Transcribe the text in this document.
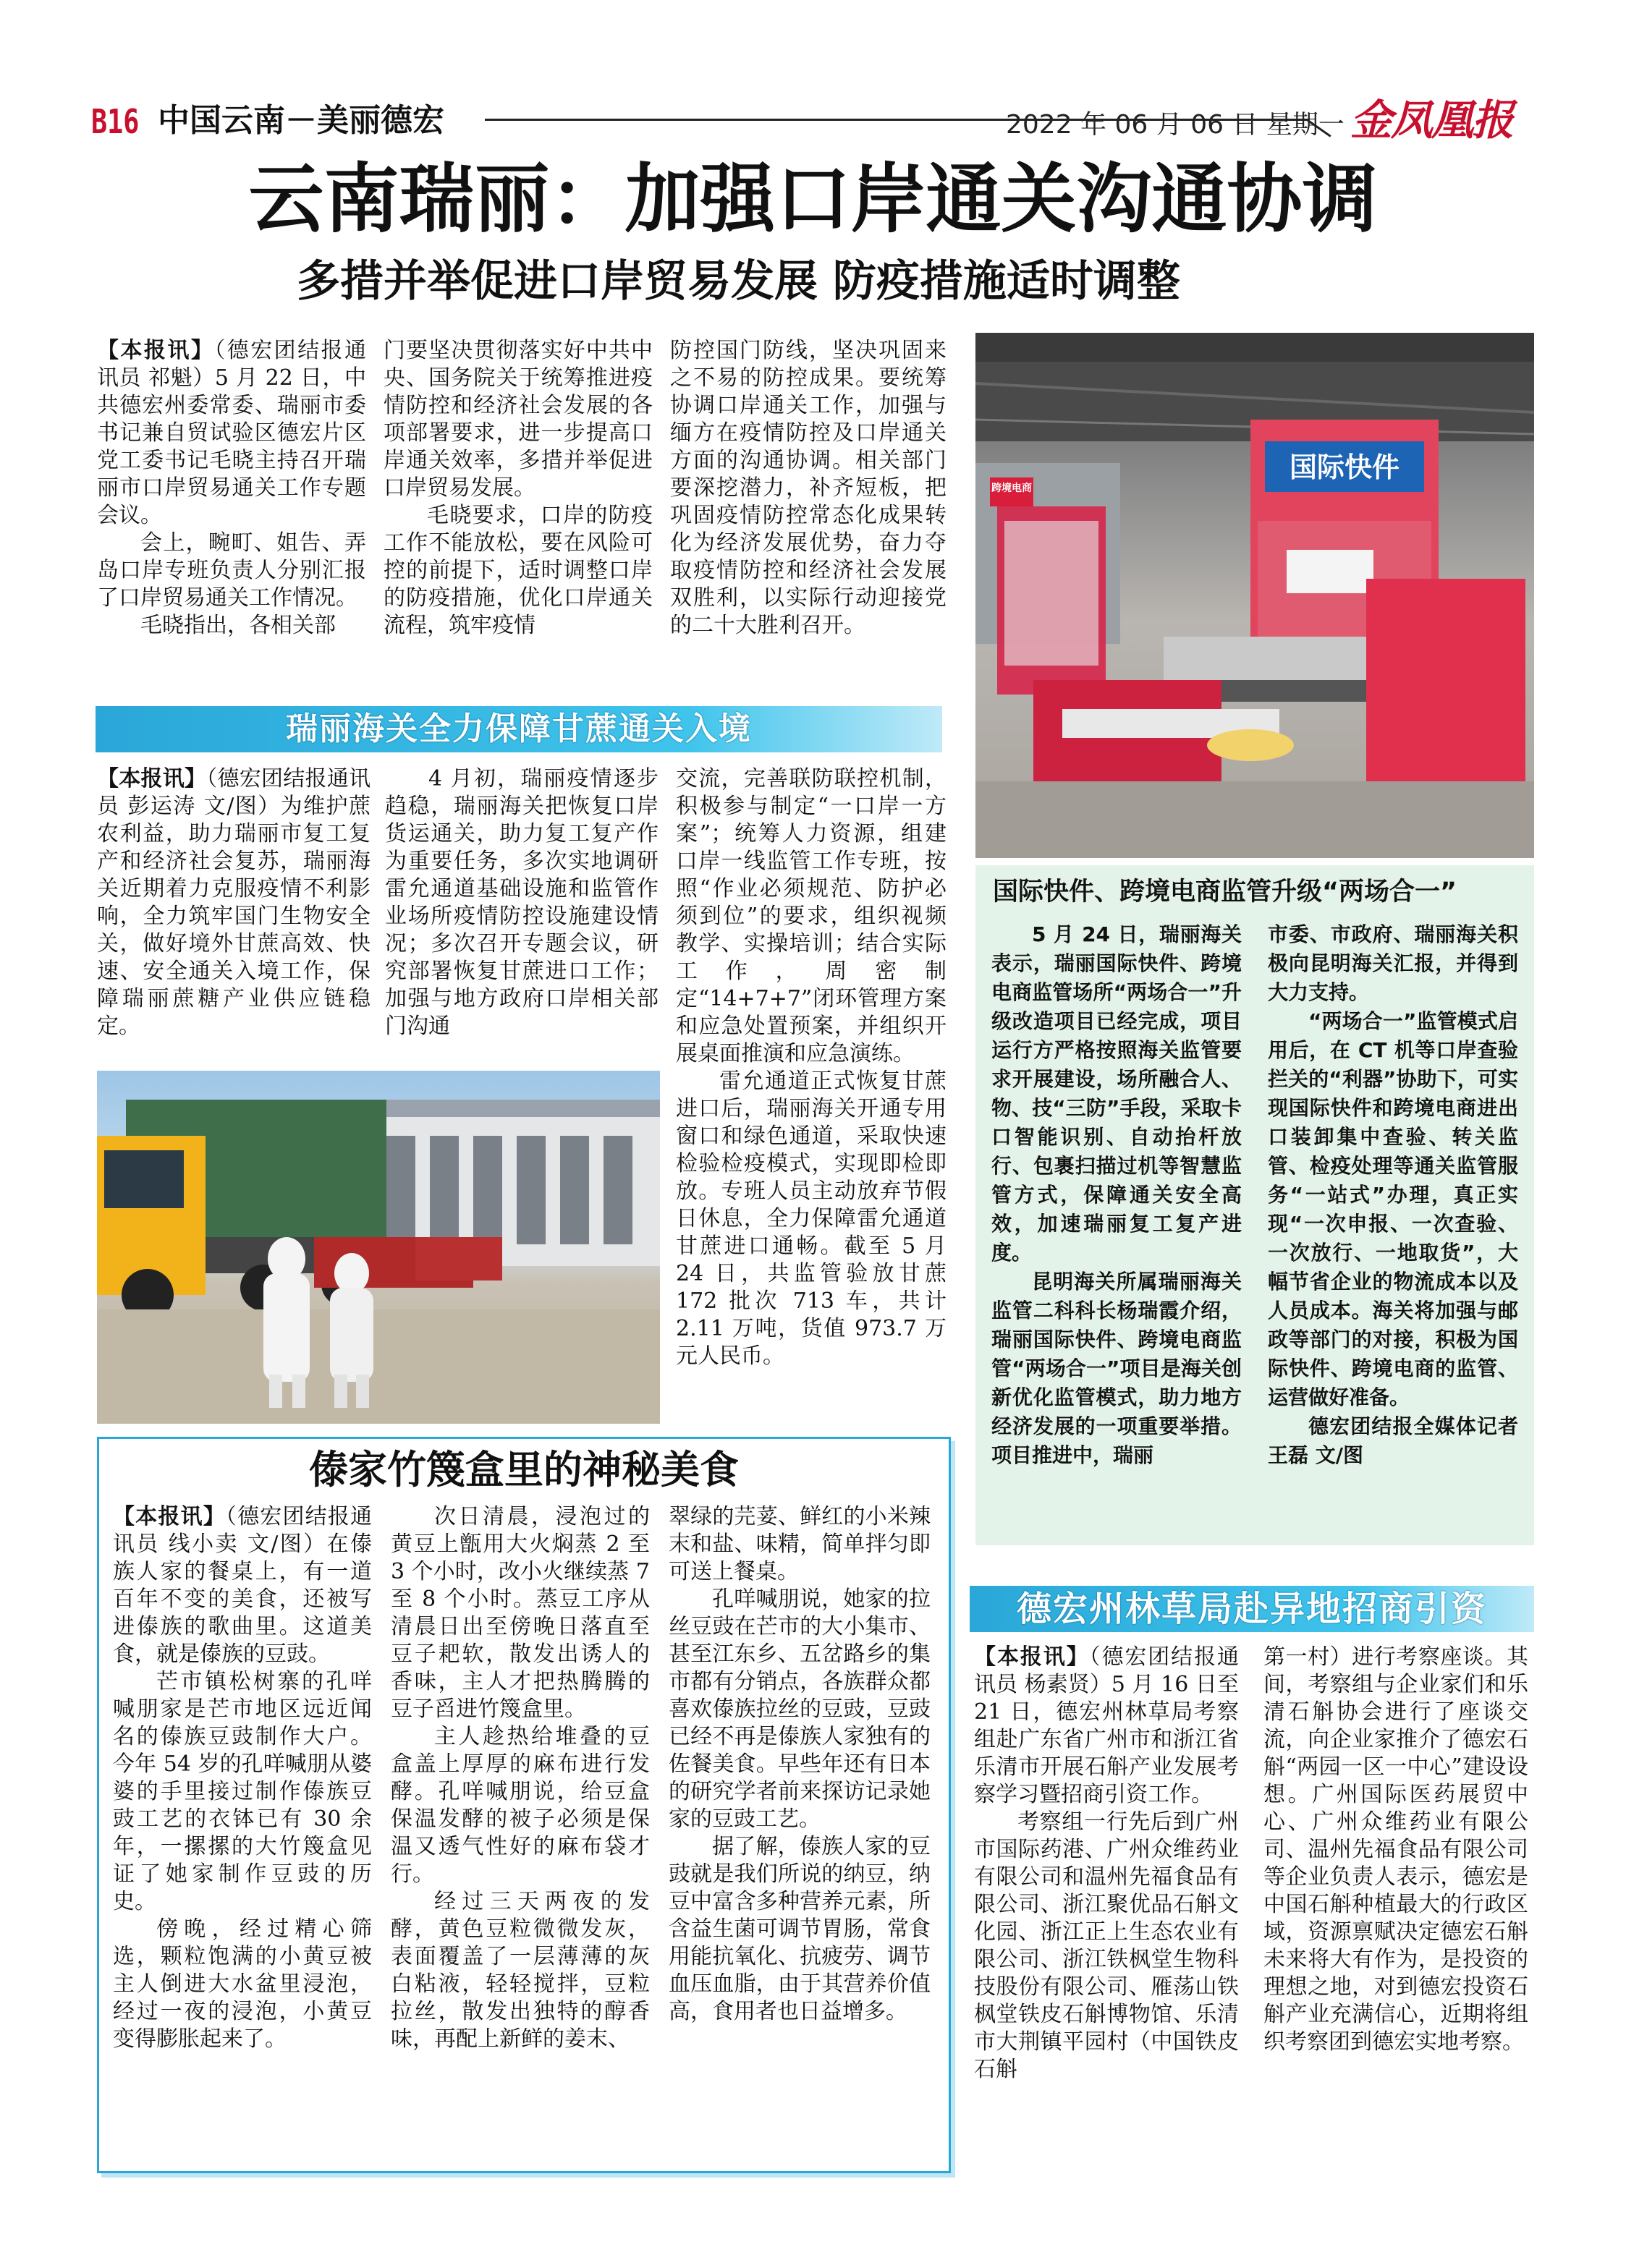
B16 中国云南－美丽德宏	2022 年 06 月 06 日 星期一 金凤凰报
云南瑞丽：加强口岸通关沟通协调
多措并举促进口岸贸易发展 防疫措施适时调整

【本报讯】（德宏团结报通讯员 祁魁）5 月 22 日，中共德宏州委常委、瑞丽市委书记兼自贸试验区德宏片区党工委书记毛晓主持召开瑞丽市口岸贸易通关工作专题会议。

会上，畹町、姐告、弄岛口岸专班负责人分别汇报了口岸贸易通关工作情况。

毛晓指出，各相关部

门要坚决贯彻落实好中共中央、国务院关于统筹推进疫情防控和经济社会发展的各项部署要求，进一步提高口岸通关效率，多措并举促进口岸贸易发展。

毛晓要求，口岸的防疫工作不能放松，要在风险可控的前提下，适时调整口岸的防疫措施，优化口岸通关流程，筑牢疫情

防控国门防线，坚决巩固来之不易的防控成果。要统筹协调口岸通关工作，加强与缅方在疫情防控及口岸通关方面的沟通协调。相关部门要深挖潜力，补齐短板，把巩固疫情防控常态化成果转化为经济发展优势，奋力夺取疫情防控和经济社会发展双胜利，以实际行动迎接党的二十大胜利召开。

国际快件
跨境电商
瑞丽海关全力保障甘蔗通关入境

【本报讯】（德宏团结报通讯员 彭运涛 文/图）为维护蔗农利益，助力瑞丽市复工复产和经济社会复苏，瑞丽海关近期着力克服疫情不利影响，全力筑牢国门生物安全关，做好境外甘蔗高效、快速、安全通关入境工作，保障瑞丽蔗糖产业供应链稳定。

4 月初，瑞丽疫情逐步趋稳，瑞丽海关把恢复口岸货运通关，助力复工复产作为重要任务，多次实地调研雷允通道基础设施和监管作业场所疫情防控设施建设情况；多次召开专题会议，研究部署恢复甘蔗进口工作；加强与地方政府口岸相关部门沟通

交流，完善联防联控机制，积极参与制定“一口岸一方案”；统筹人力资源，组建口岸一线监管工作专班，按照“作业必须规范、防护必须到位”的要求，组织视频教学、实操培训；结合实际工作，周密制定“14+7+7”闭环管理方案和应急处置预案，并组织开展桌面推演和应急演练。

雷允通道正式恢复甘蔗进口后，瑞丽海关开通专用窗口和绿色通道，采取快速检验检疫模式，实现即检即放。专班人员主动放弃节假日休息，全力保障雷允通道甘蔗进口通畅。截至 5 月 24 日，共监管验放甘蔗 172 批次 713 车，共计 2.11 万吨，货值 973.7 万元人民币。

国际快件、跨境电商监管升级“两场合一”

5 月 24 日，瑞丽海关表示，瑞丽国际快件、跨境电商监管场所“两场合一”升级改造项目已经完成，项目运行方严格按照海关监管要求开展建设，场所融合人、物、技“三防”手段，采取卡口智能识别、自动抬杆放行、包裹扫描过机等智慧监管方式，保障通关安全高效，加速瑞丽复工复产进度。

昆明海关所属瑞丽海关监管二科科长杨瑞霞介绍，瑞丽国际快件、跨境电商监管“两场合一”项目是海关创新优化监管模式，助力地方经济发展的一项重要举措。项目推进中，瑞丽

市委、市政府、瑞丽海关积极向昆明海关汇报，并得到大力支持。

“两场合一”监管模式启用后，在 CT 机等口岸查验拦关的“利器”协助下，可实现国际快件和跨境电商进出口装卸集中查验、转关监管、检疫处理等通关监管服务“一站式”办理，真正实现“一次申报、一次查验、一次放行、一地取货”，大幅节省企业的物流成本以及人员成本。海关将加强与邮政等部门的对接，积极为国际快件、跨境电商的监管、运营做好准备。

德宏团结报全媒体记者 王磊 文/图

傣家竹篾盒里的神秘美食

【本报讯】（德宏团结报通讯员 线小卖 文/图）在傣族人家的餐桌上，有一道百年不变的美食，还被写进傣族的歌曲里。这道美食，就是傣族的豆豉。

芒市镇松树寨的孔咩喊朋家是芒市地区远近闻名的傣族豆豉制作大户。今年 54 岁的孔咩喊朋从婆婆的手里接过制作傣族豆豉工艺的衣钵已有 30 余年，一摞摞的大竹篾盒见证了她家制作豆豉的历史。

傍晚，经过精心筛选，颗粒饱满的小黄豆被主人倒进大水盆里浸泡，经过一夜的浸泡，小黄豆变得膨胀起来了。

次日清晨，浸泡过的黄豆上甑用大火焖蒸 2 至 3 个小时，改小火继续蒸 7 至 8 个小时。蒸豆工序从清晨日出至傍晚日落直至豆子耙软，散发出诱人的香味，主人才把热腾腾的豆子舀进竹篾盒里。

主人趁热给堆叠的豆盒盖上厚厚的麻布进行发酵。孔咩喊朋说，给豆盒保温发酵的被子必须是保温又透气性好的麻布袋才行。

经过三天两夜的发酵，黄色豆粒微微发灰，表面覆盖了一层薄薄的灰白粘液，轻轻搅拌，豆粒拉丝，散发出独特的醇香味，再配上新鲜的姜末、

翠绿的芫荽、鲜红的小米辣末和盐、味精，简单拌匀即可送上餐桌。

孔咩喊朋说，她家的拉丝豆豉在芒市的大小集市、甚至江东乡、五岔路乡的集市都有分销点，各族群众都喜欢傣族拉丝的豆豉，豆豉已经不再是傣族人家独有的佐餐美食。早些年还有日本的研究学者前来探访记录她家的豆豉工艺。

据了解，傣族人家的豆豉就是我们所说的纳豆，纳豆中富含多种营养元素，所含益生菌可调节胃肠，常食用能抗氧化、抗疲劳、调节血压血脂，由于其营养价值高，食用者也日益增多。

德宏州林草局赴异地招商引资

【本报讯】（德宏团结报通讯员 杨素贤）5 月 16 日至 21 日，德宏州林草局考察组赴广东省广州市和浙江省乐清市开展石斛产业发展考察学习暨招商引资工作。

考察组一行先后到广州市国际药港、广州众维药业有限公司和温州先福食品有限公司、浙江聚优品石斛文化园、浙江正上生态农业有限公司、浙江铁枫堂生物科技股份有限公司、雁荡山铁枫堂铁皮石斛博物馆、乐清市大荆镇平园村（中国铁皮石斛

第一村）进行考察座谈。其间，考察组与企业家们和乐清石斛协会进行了座谈交流，向企业家推介了德宏石斛“两园一区一中心”建设设想。广州国际医药展贸中心、广州众维药业有限公司、温州先福食品有限公司等企业负责人表示，德宏是中国石斛种植最大的行政区域，资源禀赋决定德宏石斛未来将大有作为，是投资的理想之地，对到德宏投资石斛产业充满信心，近期将组织考察团到德宏实地考察。
